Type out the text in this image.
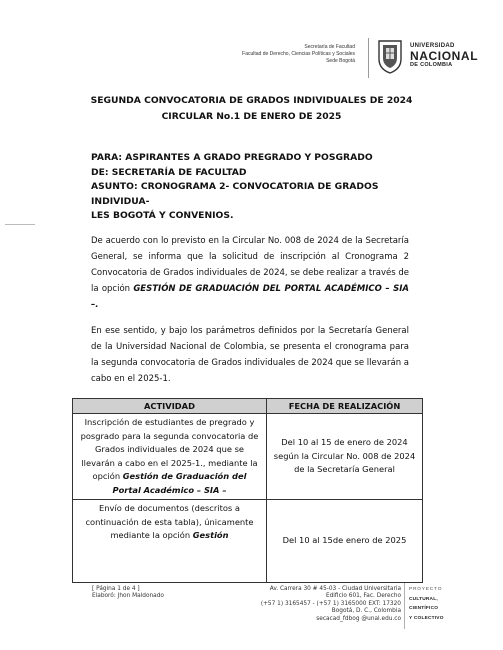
Secretaría de Facultad
Facultad de Derecho, Ciencias Políticas y Sociales
Sede Bogotá
UNIVERSIDAD
NACIONAL
DE COLOMBIA
SEGUNDA CONVOCATORIA DE GRADOS INDIVIDUALES DE 2024
CIRCULAR No.1 DE ENERO DE 2025
PARA: ASPIRANTES A GRADO PREGRADO Y POSGRADO
DE: SECRETARÍA DE FACULTAD
ASUNTO: CRONOGRAMA 2- CONVOCATORIA DE GRADOS INDIVIDUA-
LES BOGOTÁ Y CONVENIOS.
De acuerdo con lo previsto en la Circular No. 008 de 2024 de la Secretaría General, se informa que la solicitud de inscripción al Cronograma 2 Convocatoria de Grados individuales de 2024, se debe realizar a través de la opción GESTIÓN DE GRADUACIÓN DEL PORTAL ACADÉMICO – SIA –.
En ese sentido, y bajo los parámetros definidos por la Secretaría General de la Universidad Nacional de Colombia, se presenta el cronograma para la segunda convocatoria de Grados individuales de 2024 que se llevarán a cabo en el 2025-1.
ACTIVIDAD	FECHA DE REALIZACIÓN
Inscripción de estudiantes de pregrado y posgrado para la segunda convocatoria de Grados individuales de 2024 que se llevarán a cabo en el 2025-1., mediante la opción Gestión de Graduación del Portal Académico – SIA –	Del 10 al 15 de enero de 2024 según la Circular No. 008 de 2024 de la Secretaría General
Envío de documentos (descritos a continuación de esta tabla), únicamente mediante la opción Gestión	Del 10 al 15de enero de 2025
[ Página 1 de 4 ]
Elaboró: Jhon Maldonado
Av. Carrera 30 # 45-03 - Ciudad Universitaria
Edificio 601, Fac. Derecho
(+57 1) 3165457 - (+57 1) 3165000 EXT: 17320
Bogotá, D. C., Colombia
secacad_fdbog @unal.edu.co
PROYECTO
CULTURAL,
CIENTÍFICO
Y COLECTIVO
